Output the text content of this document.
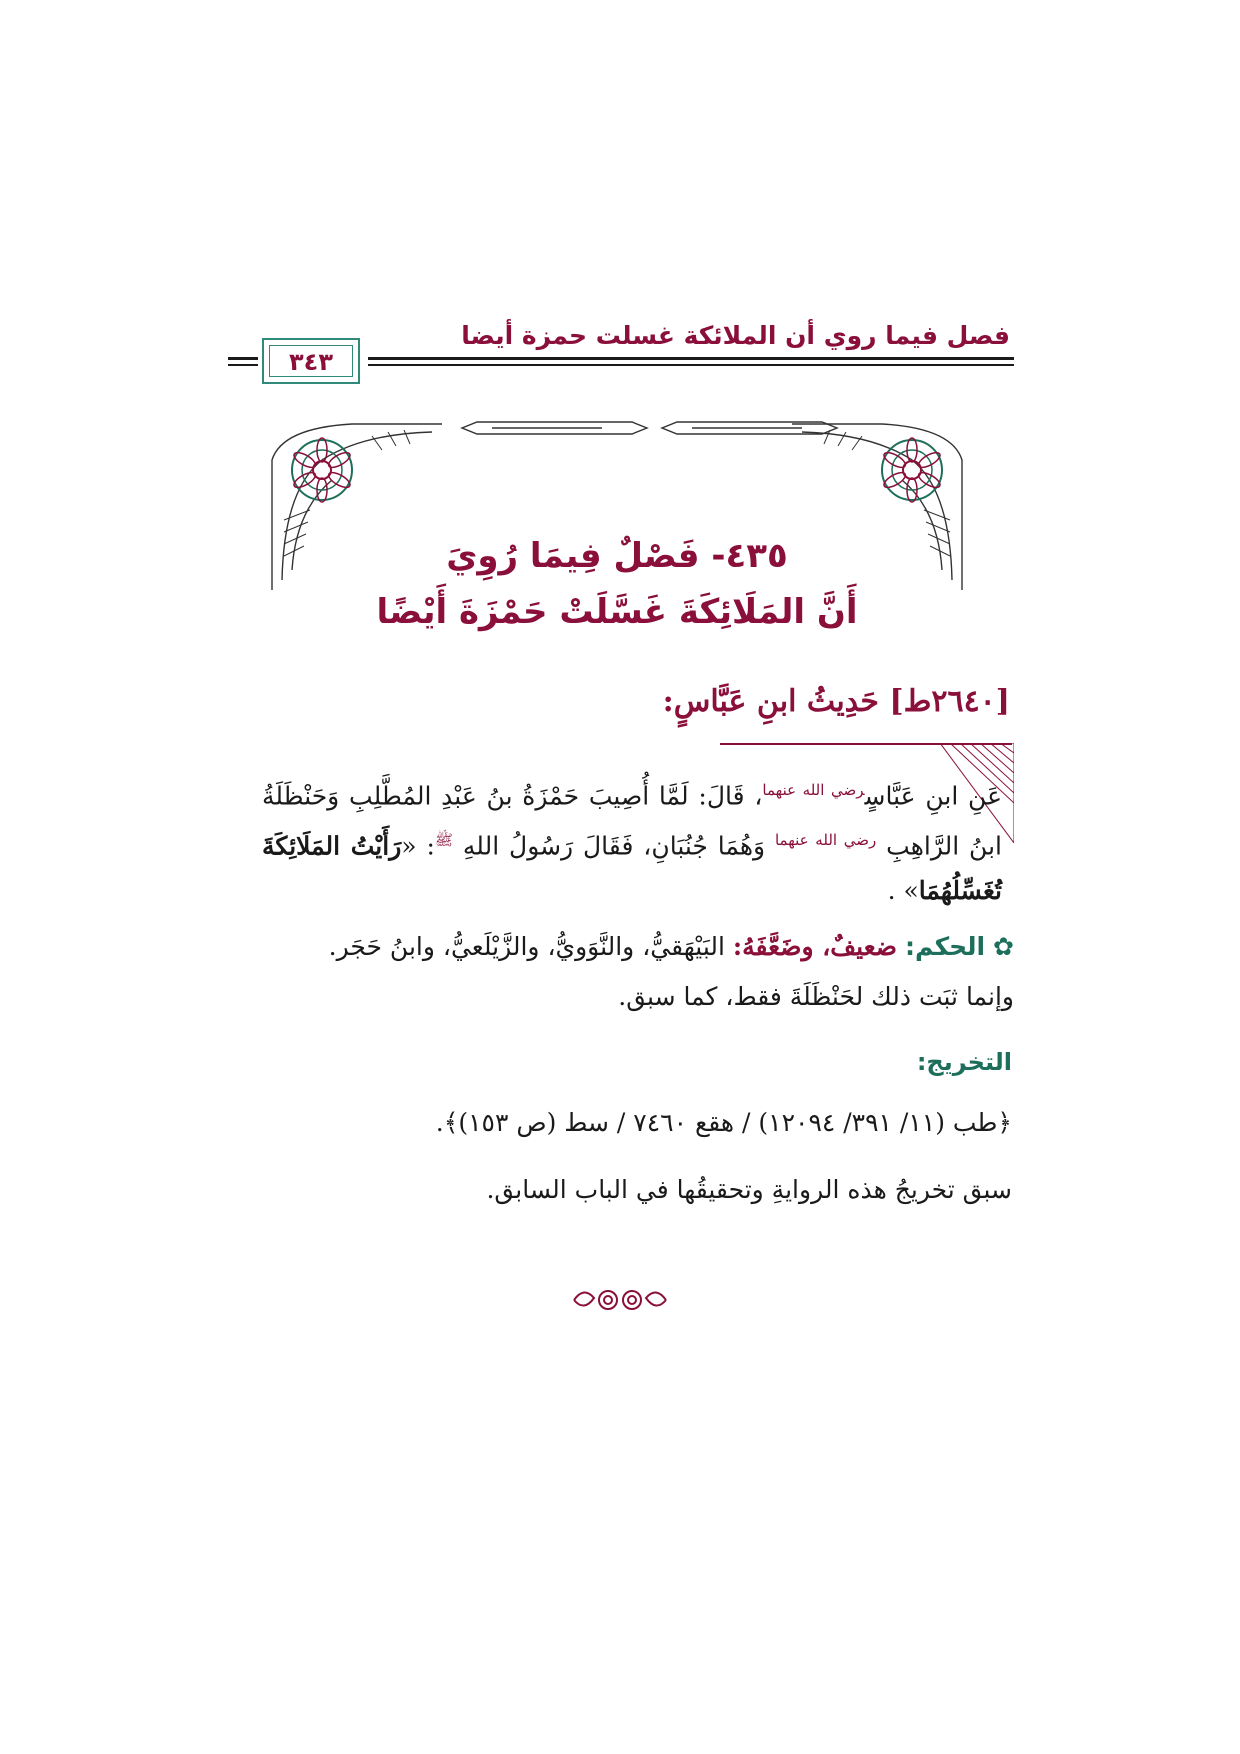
فصل فيما روي أن الملائكة غسلت حمزة أيضا
٣٤٣
٤٣٥- فَصْلٌ فِيمَا رُوِيَ
أَنَّ المَلَائِكَةَ غَسَّلَتْ حَمْزَةَ أَيْضًا
[٢٦٤٠ط] حَدِيثُ ابنِ عَبَّاسٍ:
عَنِ ابنِ عَبَّاسٍ$^{رضي الله عنهما}$، قَالَ: لَمَّا أُصِيبَ حَمْزَةُ بنُ عَبْدِ المُطَّلِبِ وَحَنْظَلَةُ ابنُ الرَّاهِبِ $^{رضي الله عنهما}$ وَهُمَا جُنُبَانِ، فَقَالَ رَسُولُ اللهِ $^ﷺ$: «رَأَيْتُ المَلَائِكَةَ تُغَسِّلُهُمَا» .
✿ الحكم: ضعيفٌ، وضَعَّفَهُ: البَيْهَقيُّ، والنَّوَويُّ، والزَّيْلَعيُّ، وابنُ حَجَر.
وإنما ثبَت ذلك لحَنْظَلَةَ فقط، كما سبق.
التخريج:
﴿طب (١١/ ٣٩١/ ١٢٠٩٤) / هقع ٧٤٦٠ / سط (ص ١٥٣)﴾.
سبق تخريجُ هذه الروايةِ وتحقيقُها في الباب السابق.
